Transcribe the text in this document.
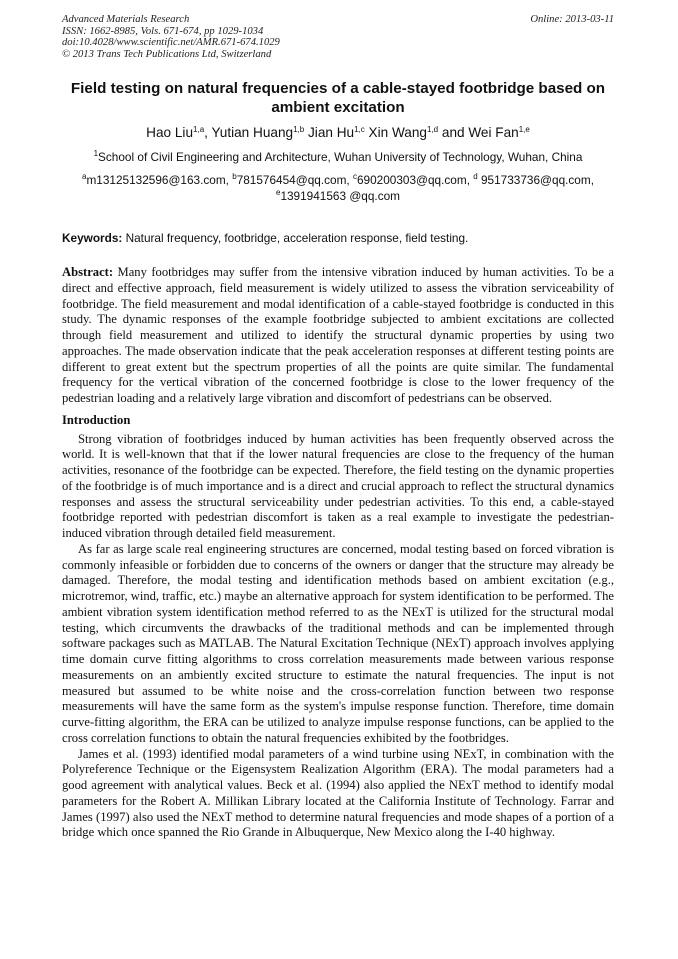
Advanced Materials Research
ISSN: 1662-8985, Vols. 671-674, pp 1029-1034
doi:10.4028/www.scientific.net/AMR.671-674.1029
© 2013 Trans Tech Publications Ltd, Switzerland
Online: 2013-03-11
Field testing on natural frequencies of a cable-stayed footbridge based on ambient excitation
Hao Liu$^{1,a}$, Yutian Huang$^{1,b}$ Jian Hu$^{1,c}$ Xin Wang$^{1,d}$ and Wei Fan$^{1,e}$
$^1$School of Civil Engineering and Architecture, Wuhan University of Technology, Wuhan, China
$^a$m13125132596@163.com, $^b$781576454@qq.com, $^c$690200303@qq.com, $^d$ 951733736@qq.com,
$^e$1391941563 @qq.com
Keywords: Natural frequency, footbridge, acceleration response, field testing.

Abstract: Many footbridges may suffer from the intensive vibration induced by human activities. To be a direct and effective approach, field measurement is widely utilized to assess the vibration serviceability of footbridge. The field measurement and modal identification of a cable-stayed footbridge is conducted in this study. The dynamic responses of the example footbridge subjected to ambient excitations are collected through field measurement and utilized to identify the structural dynamic properties by using two approaches. The made observation indicate that the peak acceleration responses at different testing points are different to great extent but the spectrum properties of all the points are quite similar. The fundamental frequency for the vertical vibration of the concerned footbridge is close to the lower frequency of the pedestrian loading and a relatively large vibration and discomfort of pedestrians can be observed.

Introduction

Strong vibration of footbridges induced by human activities has been frequently observed across the world. It is well-known that that if the lower natural frequencies are close to the frequency of the human activities, resonance of the footbridge can be expected. Therefore, the field testing on the dynamic properties of the footbridge is of much importance and is a direct and crucial approach to reflect the structural dynamics responses and assess the structural serviceability under pedestrian activities. To this end, a cable-stayed footbridge reported with pedestrian discomfort is taken as a real example to investigate the pedestrian-induced vibration through detailed field measurement.

As far as large scale real engineering structures are concerned, modal testing based on forced vibration is commonly infeasible or forbidden due to concerns of the owners or danger that the structure may already be damaged. Therefore, the modal testing and identification methods based on ambient excitation (e.g., microtremor, wind, traffic, etc.) maybe an alternative approach for system identification to be performed. The ambient vibration system identification method referred to as the NExT is utilized for the structural modal testing, which circumvents the drawbacks of the traditional methods and can be implemented through software packages such as MATLAB. The Natural Excitation Technique (NExT) approach involves applying time domain curve fitting algorithms to cross correlation measurements made between various response measurements on an ambiently excited structure to estimate the natural frequencies. The input is not measured but assumed to be white noise and the cross-correlation function between two response measurements will have the same form as the system's impulse response function. Therefore, time domain curve-fitting algorithm, the ERA can be utilized to analyze impulse response functions, can be applied to the cross correlation functions to obtain the natural frequencies exhibited by the footbridges.

James et al. (1993) identified modal parameters of a wind turbine using NExT, in combination with the Polyreference Technique or the Eigensystem Realization Algorithm (ERA). The modal parameters had a good agreement with analytical values. Beck et al. (1994) also applied the NExT method to identify modal parameters for the Robert A. Millikan Library located at the California Institute of Technology. Farrar and James (1997) also used the NExT method to determine natural frequencies and mode shapes of a portion of a bridge which once spanned the Rio Grande in Albuquerque, New Mexico along the I-40 highway.
